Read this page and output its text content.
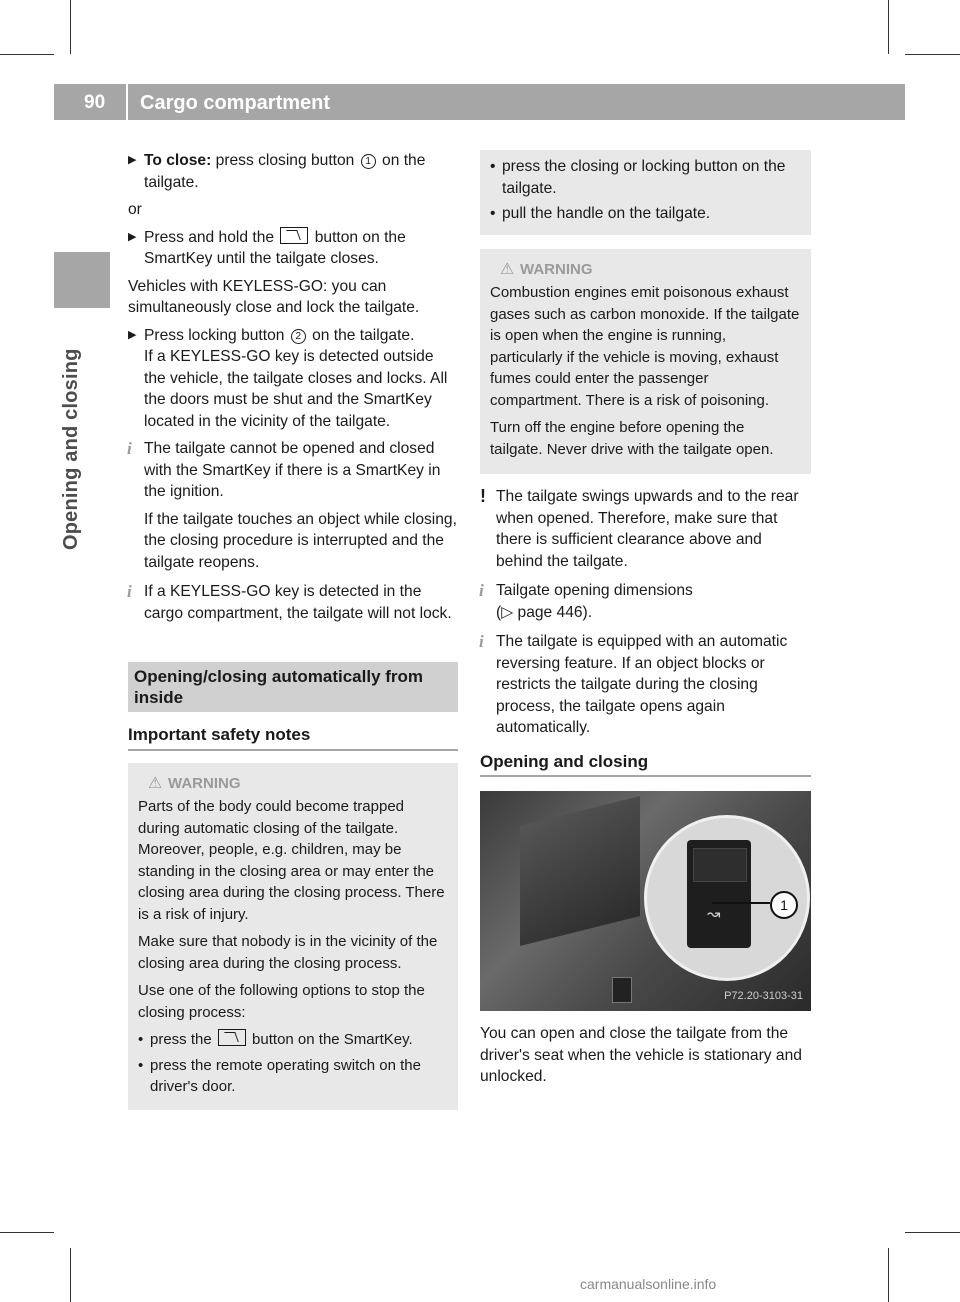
90	Cargo compartment
Opening and closing
▶ To close: press closing button 1 on the tailgate.

or

▶ Press and hold the	button on the SmartKey until the tailgate closes.

Vehicles with KEYLESS-GO: you can simultaneously close and lock the tailgate.

▶ Press locking button 2 on the tailgate.

If a KEYLESS-GO key is detected outside the vehicle, the tailgate closes and locks. All the doors must be shut and the SmartKey located in the vicinity of the tailgate.

i The tailgate cannot be opened and closed with the SmartKey if there is a SmartKey in the ignition.

If the tailgate touches an object while closing, the closing procedure is interrupted and the tailgate reopens.

i If a KEYLESS-GO key is detected in the cargo compartment, the tailgate will not lock.

Opening/closing automatically from inside
Important safety notes
⚠ WARNING

Parts of the body could become trapped during automatic closing of the tailgate. Moreover, people, e.g. children, may be standing in the closing area or may enter the closing area during the closing process. There is a risk of injury.

Make sure that nobody is in the vicinity of the closing area during the closing process.

Use one of the following options to stop the closing process:

• press the	button on the SmartKey.
• press the remote operating switch on the driver's door.
• press the closing or locking button on the tailgate.
• pull the handle on the tailgate.
⚠ WARNING

Combustion engines emit poisonous exhaust gases such as carbon monoxide. If the tailgate is open when the engine is running, particularly if the vehicle is moving, exhaust fumes could enter the passenger compartment. There is a risk of poisoning.

Turn off the engine before opening the tailgate. Never drive with the tailgate open.

! The tailgate swings upwards and to the rear when opened. Therefore, make sure that there is sufficient clearance above and behind the tailgate.

i Tailgate opening dimensions

(▷ page 446).

i The tailgate is equipped with an automatic reversing feature. If an object blocks or restricts the tailgate during the closing process, the tailgate opens again automatically.

Opening and closing
↝
1
P72.20-3103-31

You can open and close the tailgate from the driver's seat when the vehicle is stationary and unlocked.

carmanualsonline.info
